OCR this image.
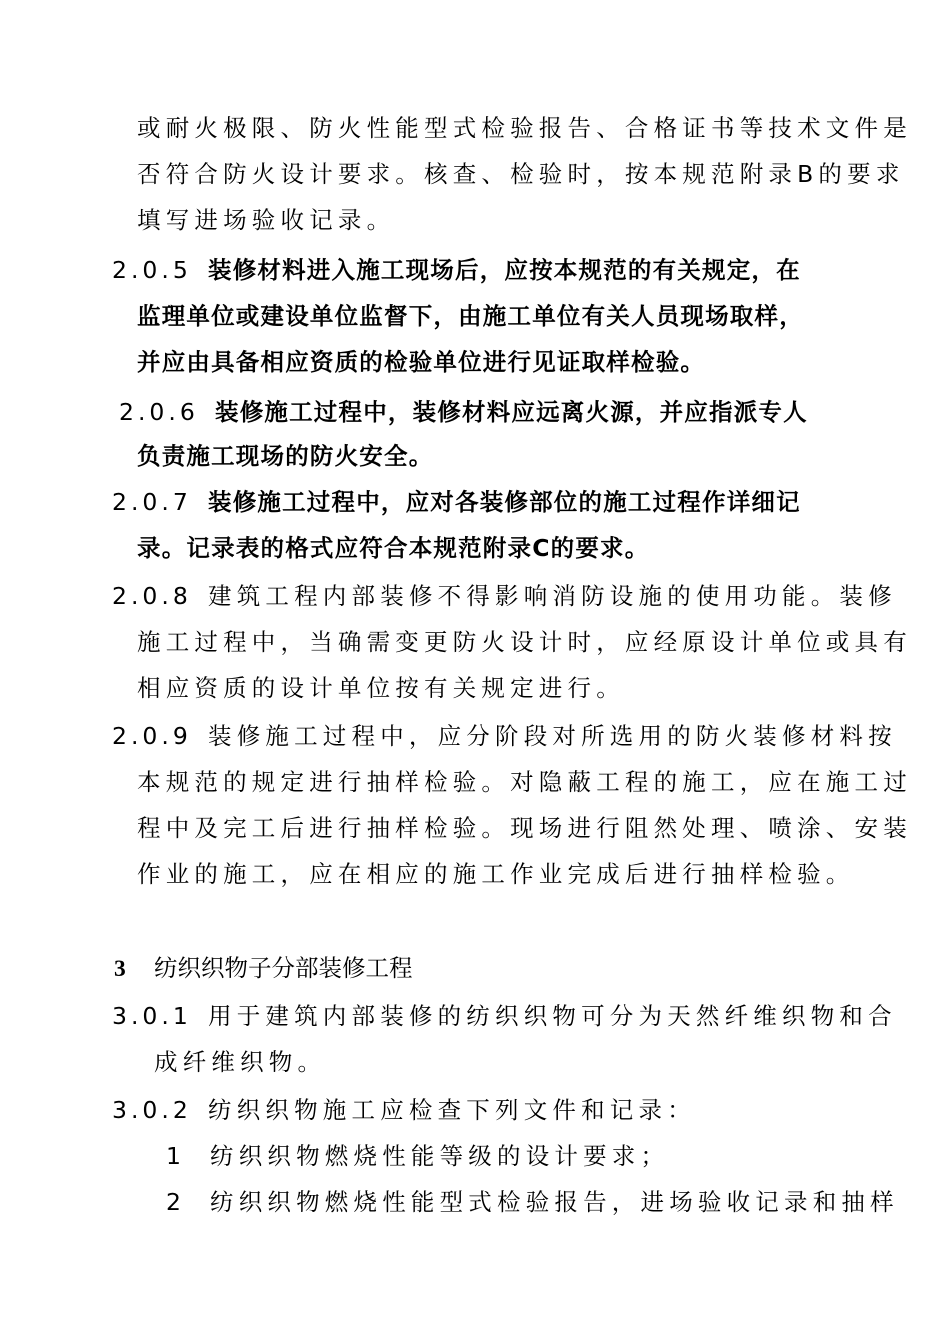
或耐火极限、防火性能型式检验报告、合格证书等技术文件是
否符合防火设计要求。核查、检验时，按本规范附录B的要求
填写进场验收记录。
2.0.5 装修材料进入施工现场后，应按本规范的有关规定，在
监理单位或建设单位监督下，由施工单位有关人员现场取样，
并应由具备相应资质的检验单位进行见证取样检验。
2.0.6 装修施工过程中，装修材料应远离火源，并应指派专人
负责施工现场的防火安全。
2.0.7 装修施工过程中，应对各装修部位的施工过程作详细记
录。记录表的格式应符合本规范附录C的要求。
2.0.8 建筑工程内部装修不得影响消防设施的使用功能。装修
施工过程中，当确需变更防火设计时，应经原设计单位或具有
相应资质的设计单位按有关规定进行。
2.0.9 装修施工过程中，应分阶段对所选用的防火装修材料按
本规范的规定进行抽样检验。对隐蔽工程的施工，应在施工过
程中及完工后进行抽样检验。现场进行阻然处理、喷涂、安装
作业的施工，应在相应的施工作业完成后进行抽样检验。
3 纺织织物子分部装修工程
3.0.1 用于建筑内部装修的纺织织物可分为天然纤维织物和合
成纤维织物。
3.0.2 纺织织物施工应检查下列文件和记录：
1 纺织织物燃烧性能等级的设计要求；
2 纺织织物燃烧性能型式检验报告，进场验收记录和抽样
